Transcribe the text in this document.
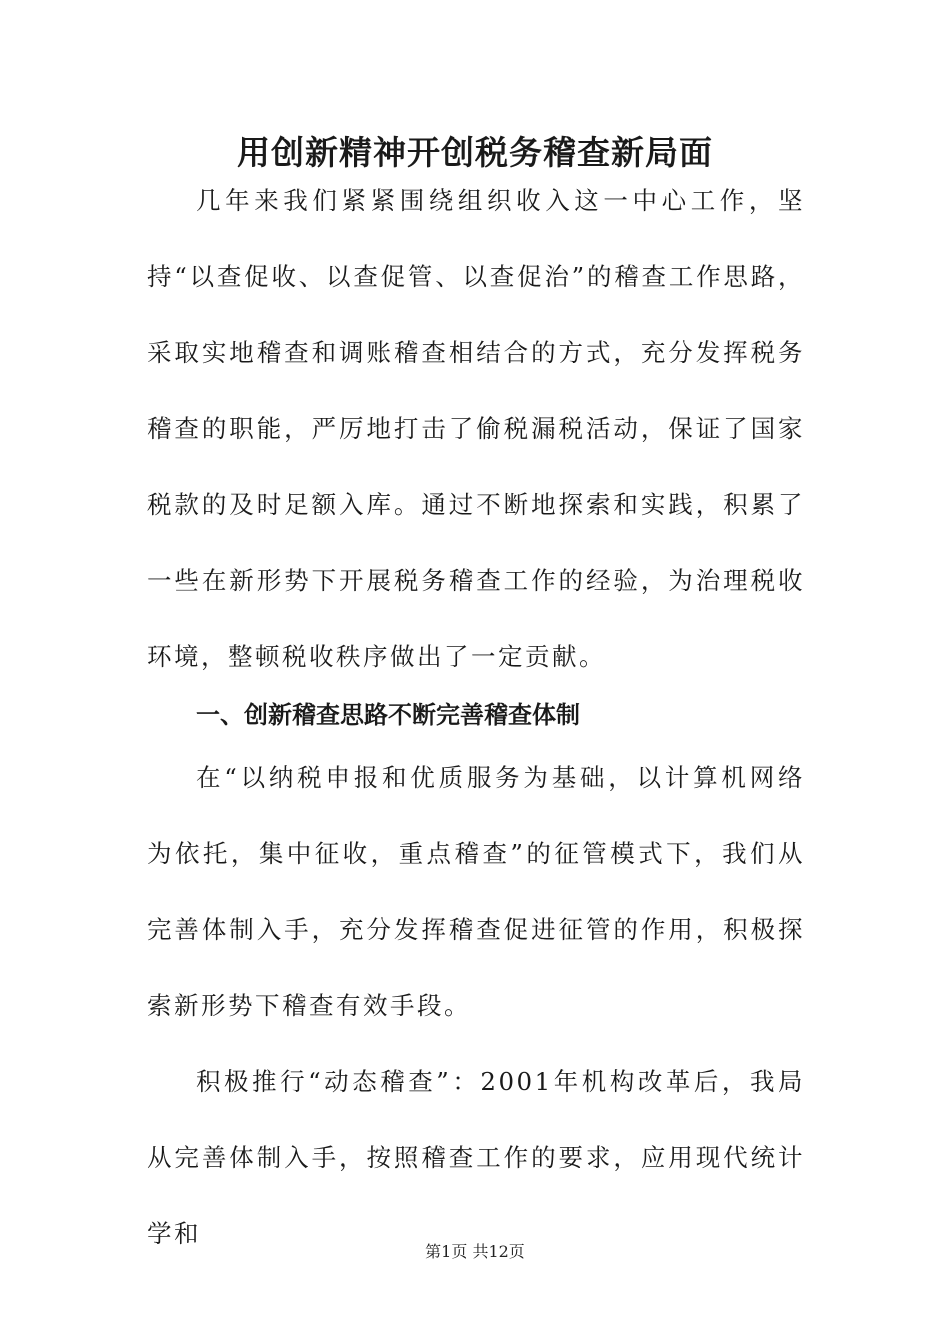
用创新精神开创税务稽查新局面

几年来我们紧紧围绕组织收入这一中心工作，坚持“以查促收、以查促管、以查促治”的稽查工作思路，采取实地稽查和调账稽查相结合的方式，充分发挥税务稽查的职能，严厉地打击了偷税漏税活动，保证了国家税款的及时足额入库。通过不断地探索和实践，积累了一些在新形势下开展税务稽查工作的经验，为治理税收环境，整顿税收秩序做出了一定贡献。

一、创新稽查思路不断完善稽查体制

在“以纳税申报和优质服务为基础，以计算机网络为依托，集中征收，重点稽查”的征管模式下，我们从完善体制入手，充分发挥稽查促进征管的作用，积极探索新形势下稽查有效手段。

积极推行“动态稽查”：2001年机构改革后，我局从完善体制入手，按照稽查工作的要求，应用现代统计学和

第1页 共12页
